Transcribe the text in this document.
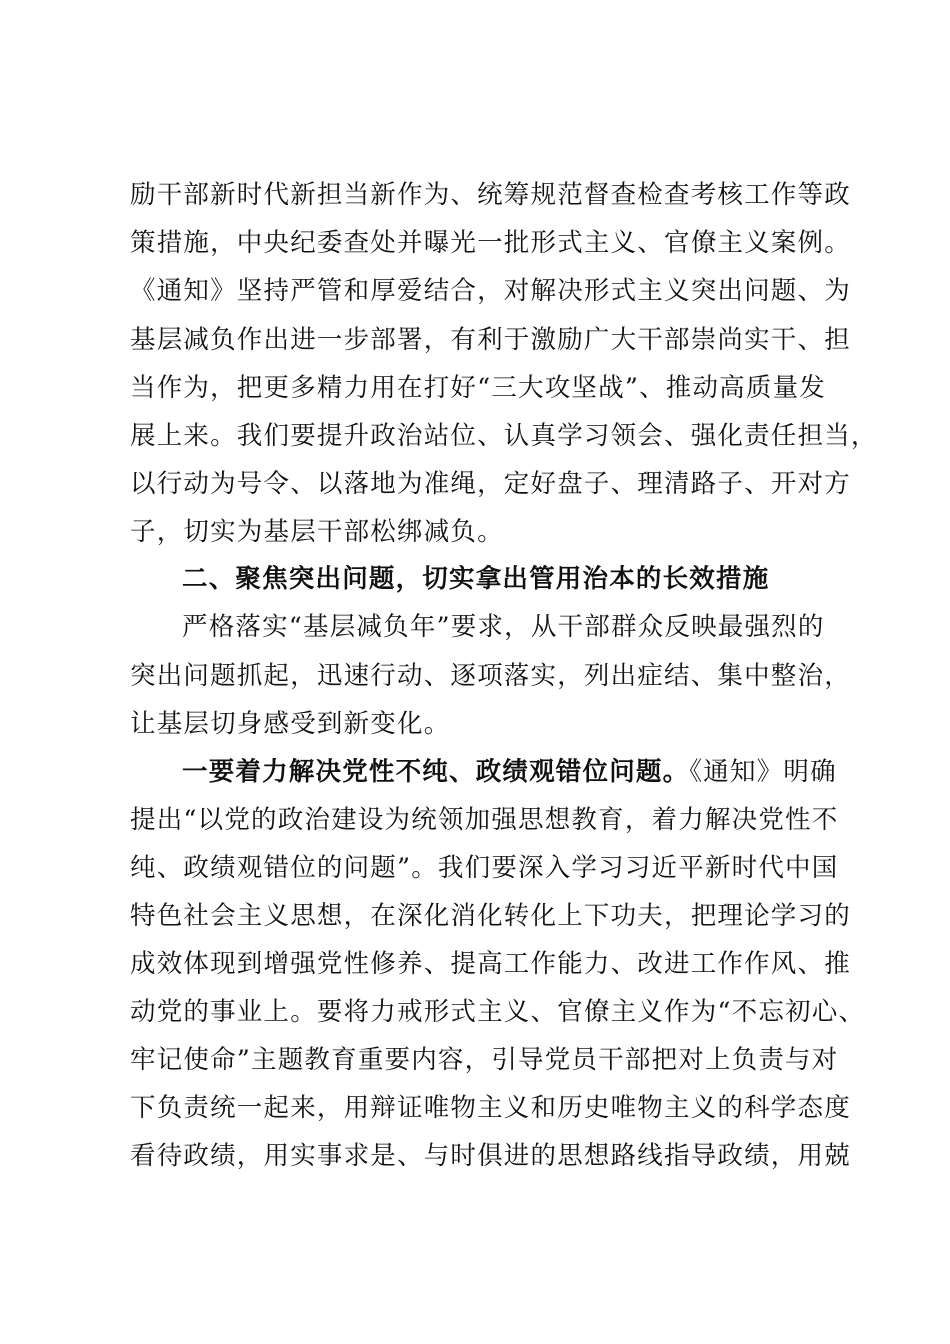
励干部新时代新担当新作为、统筹规范督查检查考核工作等政
策措施，中央纪委查处并曝光一批形式主义、官僚主义案例。
《通知》坚持严管和厚爱结合，对解决形式主义突出问题、为
基层减负作出进一步部署，有利于激励广大干部崇尚实干、担
当作为，把更多精力用在打好“三大攻坚战”、推动高质量发
展上来。我们要提升政治站位、认真学习领会、强化责任担当，
以行动为号令、以落地为准绳，定好盘子、理清路子、开对方
子，切实为基层干部松绑减负。
二、聚焦突出问题，切实拿出管用治本的长效措施
严格落实“基层减负年”要求，从干部群众反映最强烈的
突出问题抓起，迅速行动、逐项落实，列出症结、集中整治，
让基层切身感受到新变化。
一要着力解决党性不纯、政绩观错位问题。《通知》明确
提出“以党的政治建设为统领加强思想教育，着力解决党性不
纯、政绩观错位的问题”。我们要深入学习习近平新时代中国
特色社会主义思想，在深化消化转化上下功夫，把理论学习的
成效体现到增强党性修养、提高工作能力、改进工作作风、推
动党的事业上。要将力戒形式主义、官僚主义作为“不忘初心、
牢记使命”主题教育重要内容，引导党员干部把对上负责与对
下负责统一起来，用辩证唯物主义和历史唯物主义的科学态度
看待政绩，用实事求是、与时俱进的思想路线指导政绩，用兢
